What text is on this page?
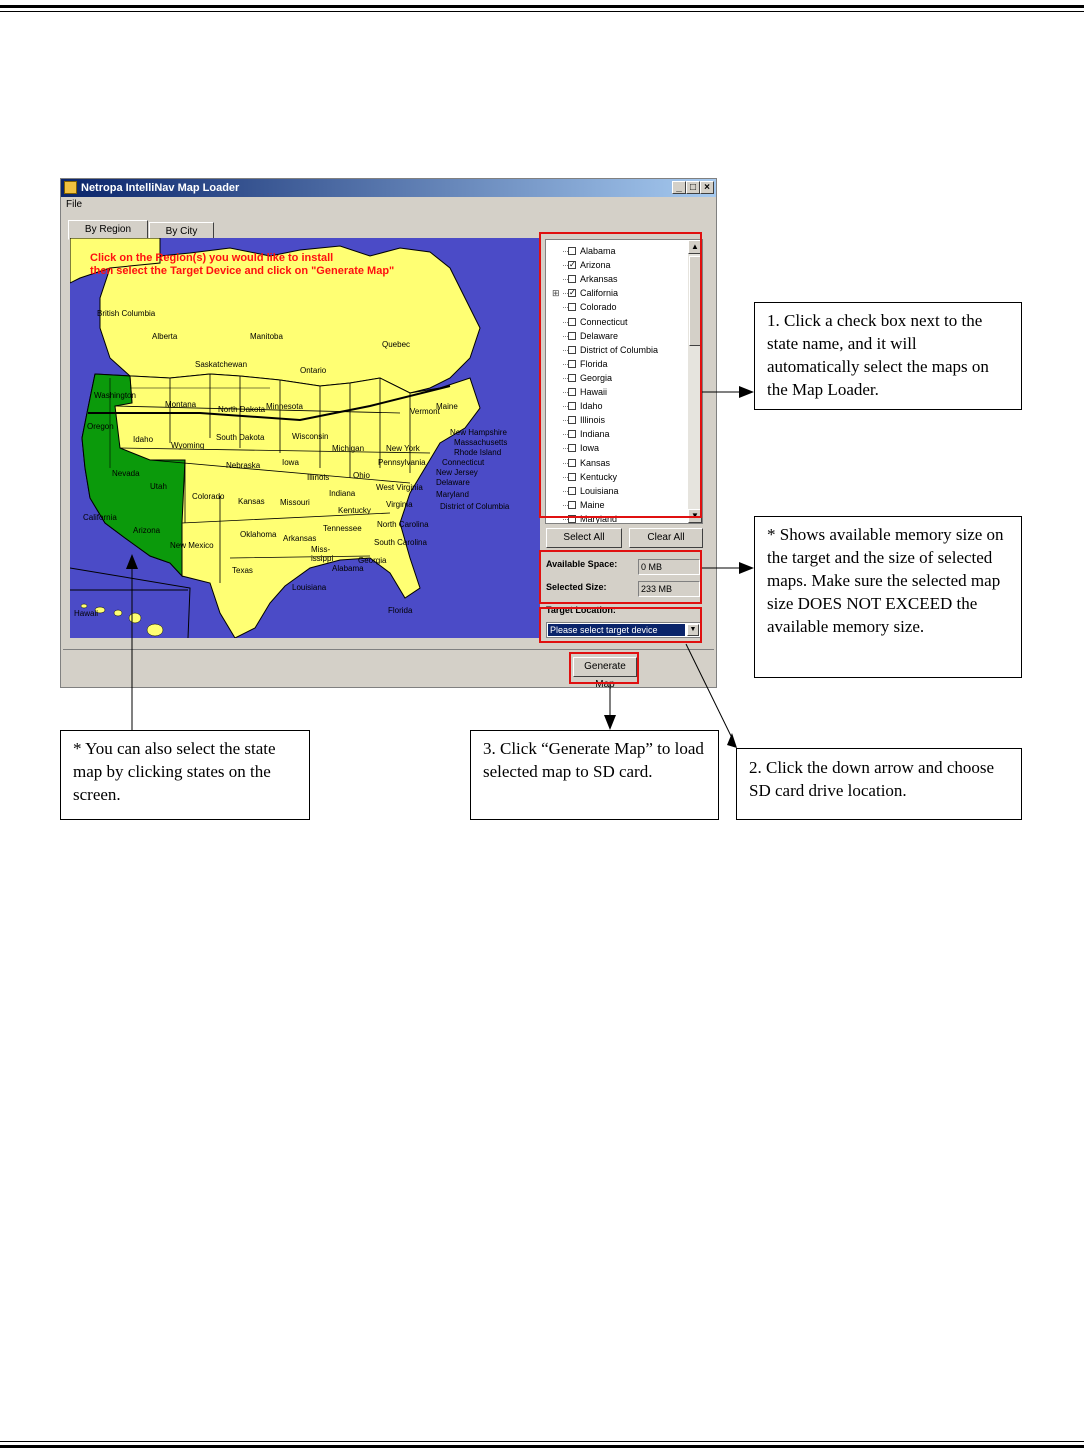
Netropa IntelliNav Map Loader	_ □ ×
File
By Region	By City
Click on the Region(s) you would like to install
then select the Target Device and click on "Generate Map"
British Columbia
Alberta
Saskatchewan
Manitoba
Ontario
Quebec
Washington
Montana
North Dakota Minnesota
Oregon
Idaho
Wyoming
South Dakota	Wisconsin
Michigan	New York
Vermont
Maine
New Hampshire
Massachusetts
Rhode Island
Connecticut
New Jersey
Delaware
Maryland
District of Columbia
Nebraska	Iowa	Pennsylvania
Nevada
Utah
Colorado
Kansas Missouri
Illinois
Indiana
Ohio
West Virginia
Virginia
Kentucky
California
Arizona
New Mexico
Oklahoma Arkansas
Tennessee North Carolina
South Carolina
Texas
Miss-
issippi
Alabama
Georgia
Louisiana
Florida
Hawaii
Alabama
✓ Arizona
Arkansas
⊞ ✓ California
Colorado
Connecticut
Delaware
District of Columbia
Florida
Georgia
Hawaii
Idaho
Illinois
Indiana
Iowa
Kansas
Kentucky
Louisiana
Maine
Maryland
▲
▼
Select All	Clear All
Available Space:	0 MB
Selected Size:	233 MB
Target Location:
Please select target device	▼
Generate Map
1. Click a check box next to the state name, and it will automatically select the maps on the Map Loader.
* Shows available memory size on the target and the size of selected maps. Make sure the selected map size DOES NOT EXCEED the available memory size.
* You can also select the state map by clicking states on the screen.
3. Click “Generate Map” to load selected map to SD card.	2. Click the down arrow and choose SD card drive location.
